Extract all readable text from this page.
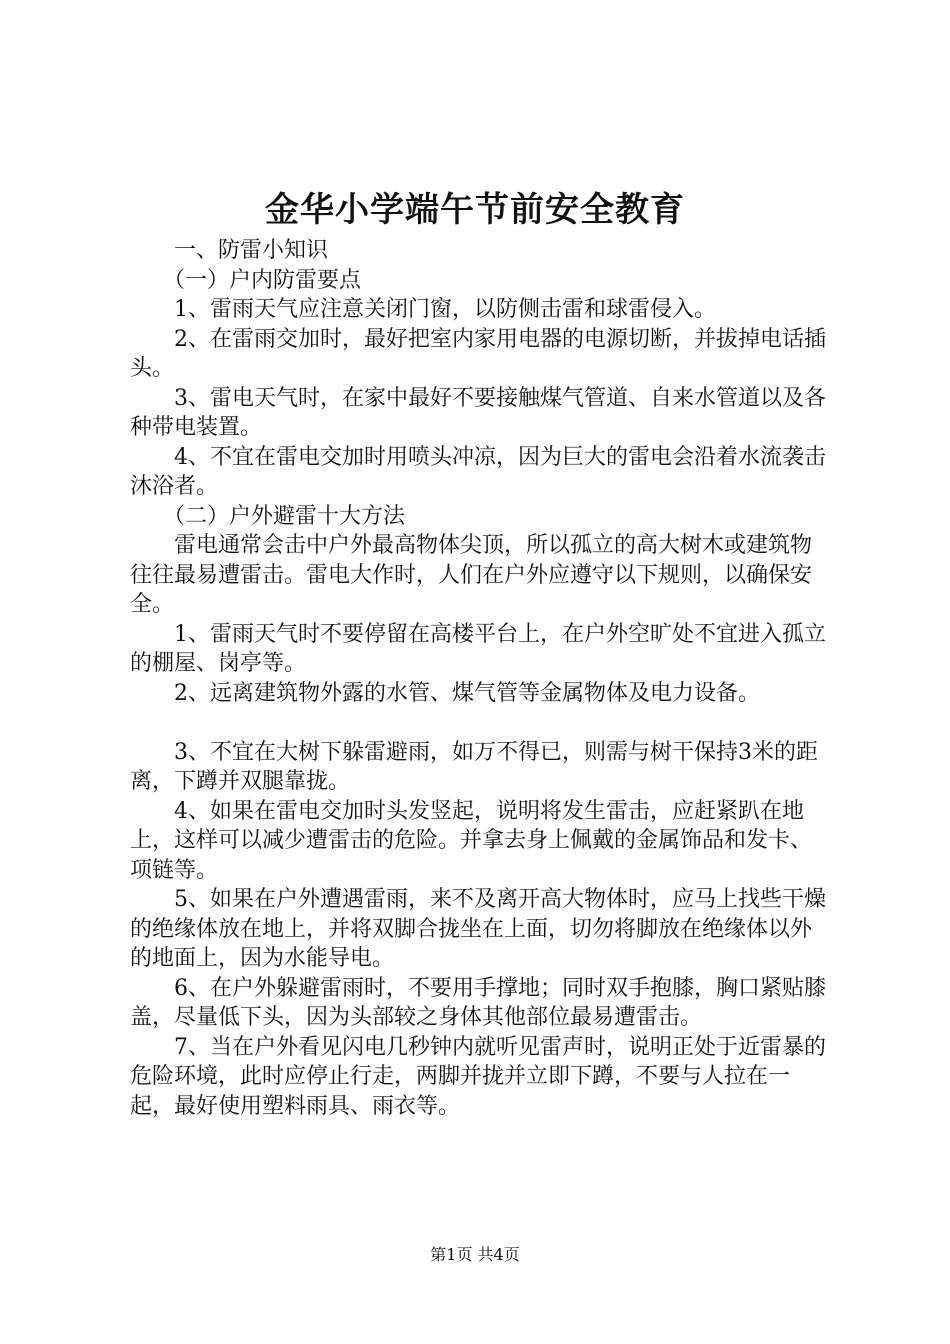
金华小学端午节前安全教育

一、防雷小知识

（一）户内防雷要点

1、雷雨天气应注意关闭门窗，以防侧击雷和球雷侵入。

2、在雷雨交加时，最好把室内家用电器的电源切断，并拔掉电话插头。

3、雷电天气时，在家中最好不要接触煤气管道、自来水管道以及各种带电装置。

4、不宜在雷电交加时用喷头冲凉，因为巨大的雷电会沿着水流袭击沐浴者。

（二）户外避雷十大方法

雷电通常会击中户外最高物体尖顶，所以孤立的高大树木或建筑物往往最易遭雷击。雷电大作时，人们在户外应遵守以下规则，以确保安全。

1、雷雨天气时不要停留在高楼平台上，在户外空旷处不宜进入孤立的棚屋、岗亭等。

2、远离建筑物外露的水管、煤气管等金属物体及电力设备。

3、不宜在大树下躲雷避雨，如万不得已，则需与树干保持3米的距离，下蹲并双腿靠拢。

4、如果在雷电交加时头发竖起，说明将发生雷击，应赶紧趴在地上，这样可以减少遭雷击的危险。并拿去身上佩戴的金属饰品和发卡、项链等。

5、如果在户外遭遇雷雨，来不及离开高大物体时，应马上找些干燥的绝缘体放在地上，并将双脚合拢坐在上面，切勿将脚放在绝缘体以外的地面上，因为水能导电。

6、在户外躲避雷雨时，不要用手撑地；同时双手抱膝，胸口紧贴膝盖，尽量低下头，因为头部较之身体其他部位最易遭雷击。

7、当在户外看见闪电几秒钟内就听见雷声时，说明正处于近雷暴的危险环境，此时应停止行走，两脚并拢并立即下蹲，不要与人拉在一起，最好使用塑料雨具、雨衣等。

第1页 共4页
